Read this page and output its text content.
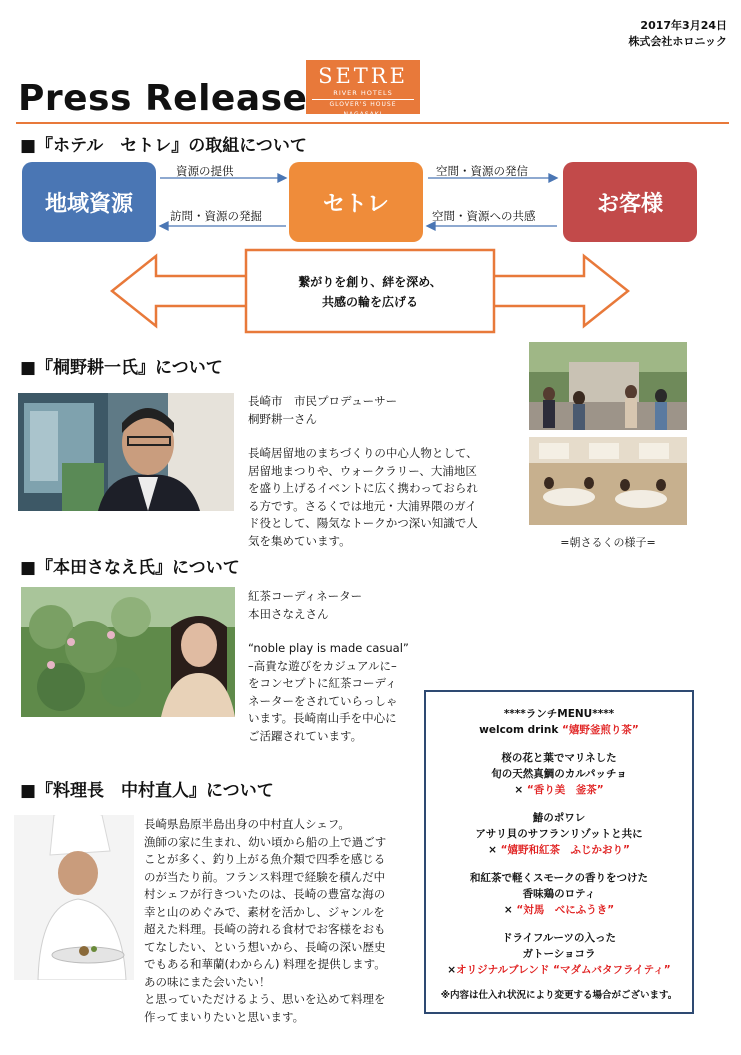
2017年3月24日
株式会社ホロニック
SETRE
RIVER HOTELS
GLOVER'S HOUSE NAGASAKI
Press Release
■『ホテル　セトレ』の取組について
地域資源	セトレ	お客様
資源の提供
訪問・資源の発掘
空間・資源の発信
空間・資源への共感
繋がりを創り、絆を深め、
共感の輪を広げる
■『桐野耕一氏』について
長崎市　市民プロデューサー
桐野耕一さん
長崎居留地のまちづくりの中心人物として、
居留地まつりや、ウォークラリー、大浦地区
を盛り上げるイベントに広く携わっておられ
る方です。さるくでは地元・大浦界隈のガイ
ド役として、陽気なトークかつ深い知識で人
気を集めています。	=朝さるくの様子=
■『本田さなえ氏』について
紅茶コーディネーター
本田さなえさん
“noble play is made casual”
–高貴な遊びをカジュアルに–
をコンセプトに紅茶コーディ
ネーターをされていらっしゃ
います。長崎南山手を中心に
ご活躍されています。
■『料理長　中村直人』について
長崎県島原半島出身の中村直人シェフ。
漁師の家に生まれ、幼い頃から船の上で過ごす
ことが多く、釣り上がる魚介類で四季を感じる
のが当たり前。フランス料理で経験を積んだ中
村シェフが行きついたのは、長崎の豊富な海の
幸と山のめぐみで、素材を活かし、ジャンルを
超えた料理。長崎の誇れる食材でお客様をおも
てなしたい、という想いから、長崎の深い歴史
でもある和華蘭(わからん) 料理を提供します。
あの味にまた会いたい！
と思っていただけるよう、思いを込めて料理を
作ってまいりたいと思います。
****ランチMENU****
welcom drink “嬉野釜煎り茶”
桜の花と葉でマリネした
旬の天然真鯛のカルパッチョ
× “香り美　釜茶”
鰆のポワレ
アサリ貝のサフランリゾットと共に
× “嬉野和紅茶　ふじかおり”
和紅茶で軽くスモークの香りをつけた
香味鶏のロティ
× “対馬　べにふうき”
ドライフルーツの入った
ガトーショコラ
×オリジナルブレンド “マダムバタフライティ”
※内容は仕入れ状況により変更する場合がございます。
